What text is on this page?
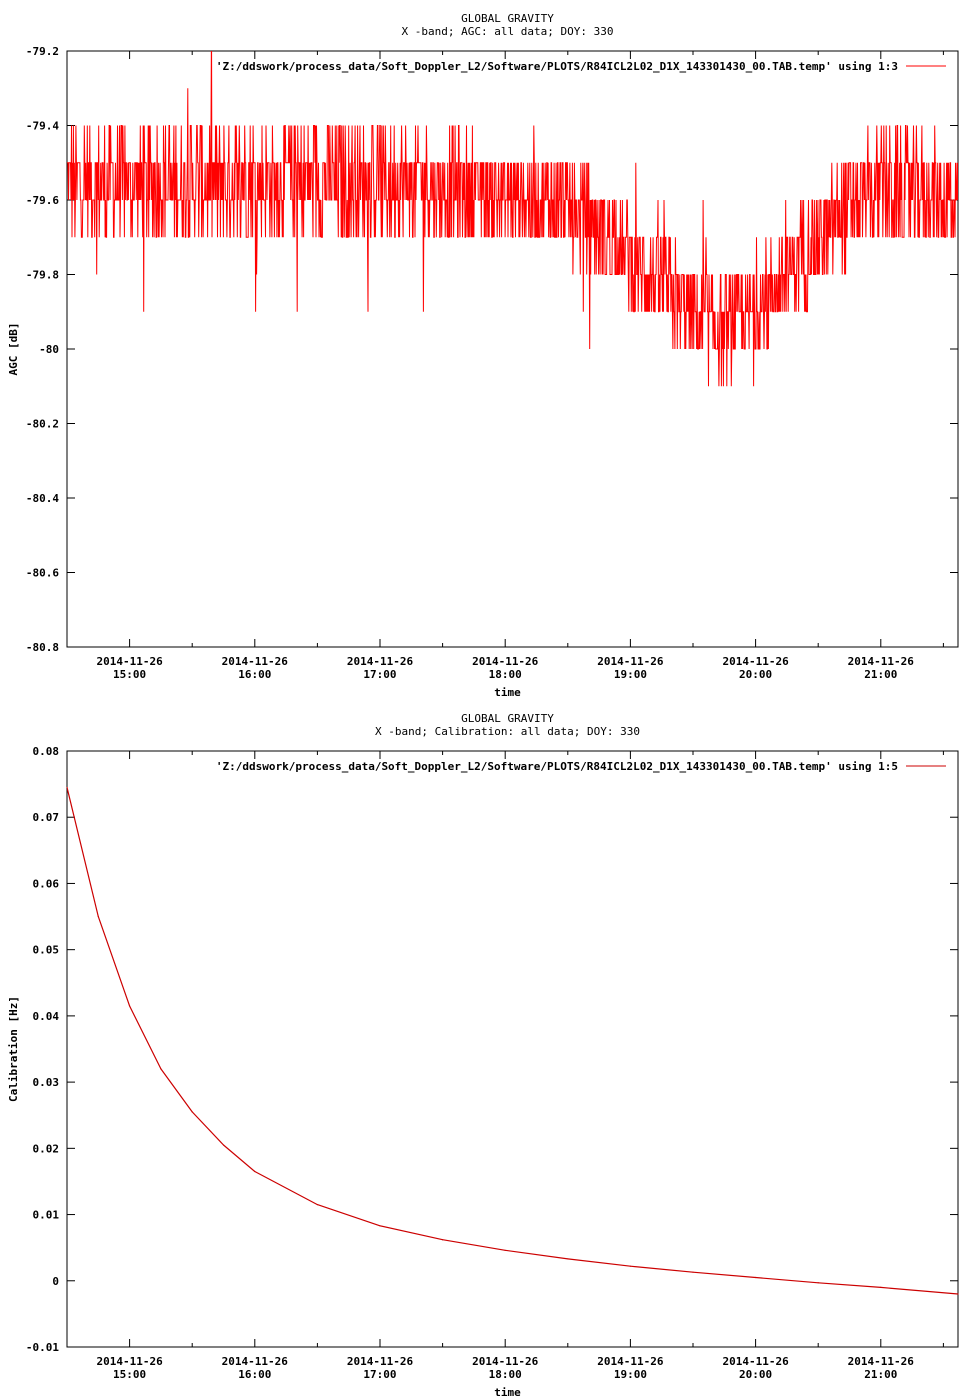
GLOBAL GRAVITY
X -band; AGC: all data; DOY: 330
-79.2
-79.4
-79.6
-79.8
-80
-80.2
-80.4
-80.6
-80.8
2014-11-26
15:00
2014-11-26
16:00
2014-11-26
17:00
2014-11-26
18:00
2014-11-26
19:00
2014-11-26
20:00
2014-11-26
21:00
time
AGC [dB]
'Z:/ddswork/process_data/Soft_Doppler_L2/Software/PLOTS/R84ICL2L02_D1X_143301430_00.TAB.temp' using 1:3
GLOBAL GRAVITY
X -band; Calibration: all data; DOY: 330
0.08
0.07
0.06
0.05
0.04
0.03
0.02
0.01
0
-0.01
2014-11-26
15:00
2014-11-26
16:00
2014-11-26
17:00
2014-11-26
18:00
2014-11-26
19:00
2014-11-26
20:00
2014-11-26
21:00
time
Calibration [Hz]
'Z:/ddswork/process_data/Soft_Doppler_L2/Software/PLOTS/R84ICL2L02_D1X_143301430_00.TAB.temp' using 1:5
